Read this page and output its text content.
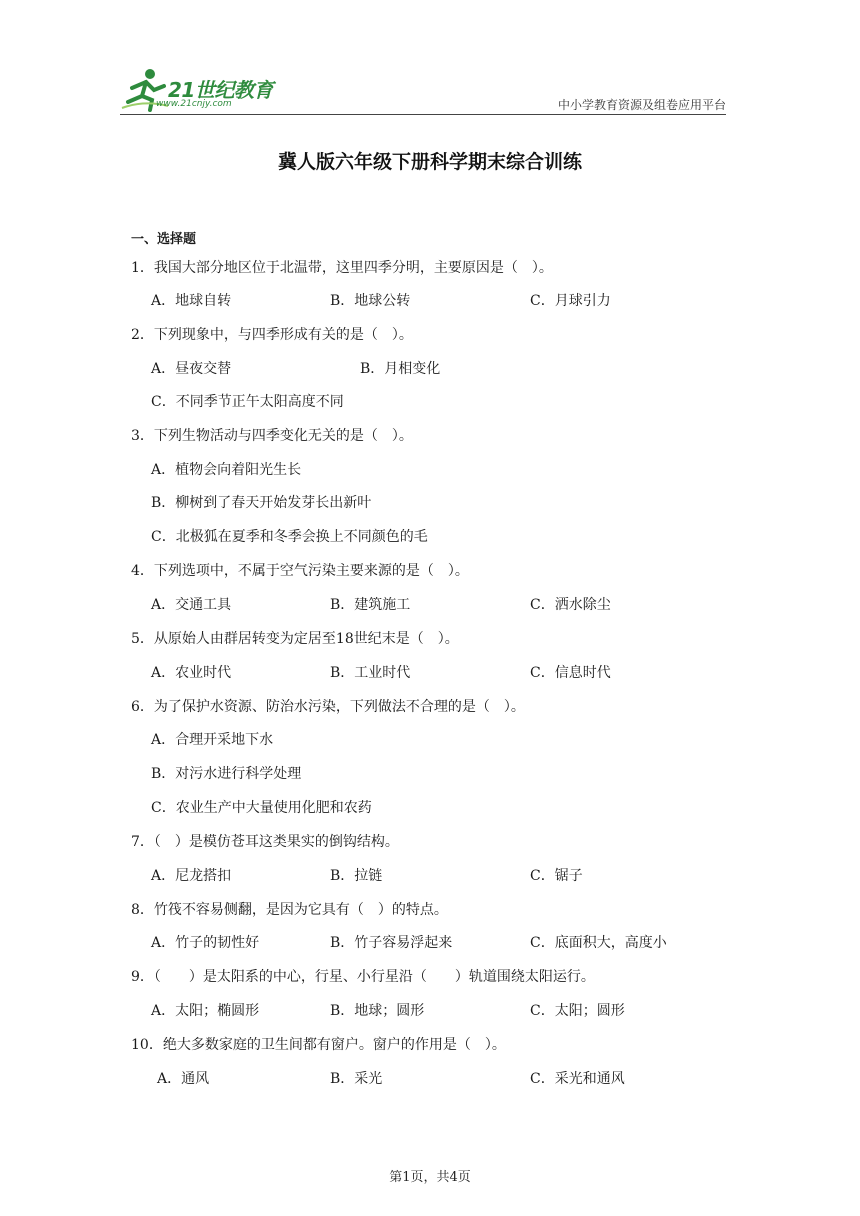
21世纪教育
www.21cnjy.com	中小学教育资源及组卷应用平台
冀人版六年级下册科学期末综合训练
一、选择题
1．我国大部分地区位于北温带，这里四季分明，主要原因是（　）。
A．地球自转	B．地球公转	C．月球引力
2．下列现象中，与四季形成有关的是（　）。
A．昼夜交替	B．月相变化
C．不同季节正午太阳高度不同
3．下列生物活动与四季变化无关的是（　）。
A．植物会向着阳光生长
B．柳树到了春天开始发芽长出新叶
C．北极狐在夏季和冬季会换上不同颜色的毛
4．下列选项中，不属于空气污染主要来源的是（　）。
A．交通工具	B．建筑施工	C．洒水除尘
5．从原始人由群居转变为定居至18世纪末是（　）。
A．农业时代	B．工业时代	C．信息时代
6．为了保护水资源、防治水污染，下列做法不合理的是（　）。
A．合理开采地下水
B．对污水进行科学处理
C．农业生产中大量使用化肥和农药
7．（　）是模仿苍耳这类果实的倒钩结构。
A．尼龙搭扣	B．拉链	C．锯子
8．竹筏不容易侧翻，是因为它具有（　）的特点。
A．竹子的韧性好	B．竹子容易浮起来	C．底面积大，高度小
9．（　　）是太阳系的中心，行星、小行星沿（　　）轨道围绕太阳运行。
A．太阳；椭圆形	B．地球；圆形	C．太阳；圆形
10．绝大多数家庭的卫生间都有窗户。窗户的作用是（　）。
A．通风	B．采光	C．采光和通风
第1页，共4页
